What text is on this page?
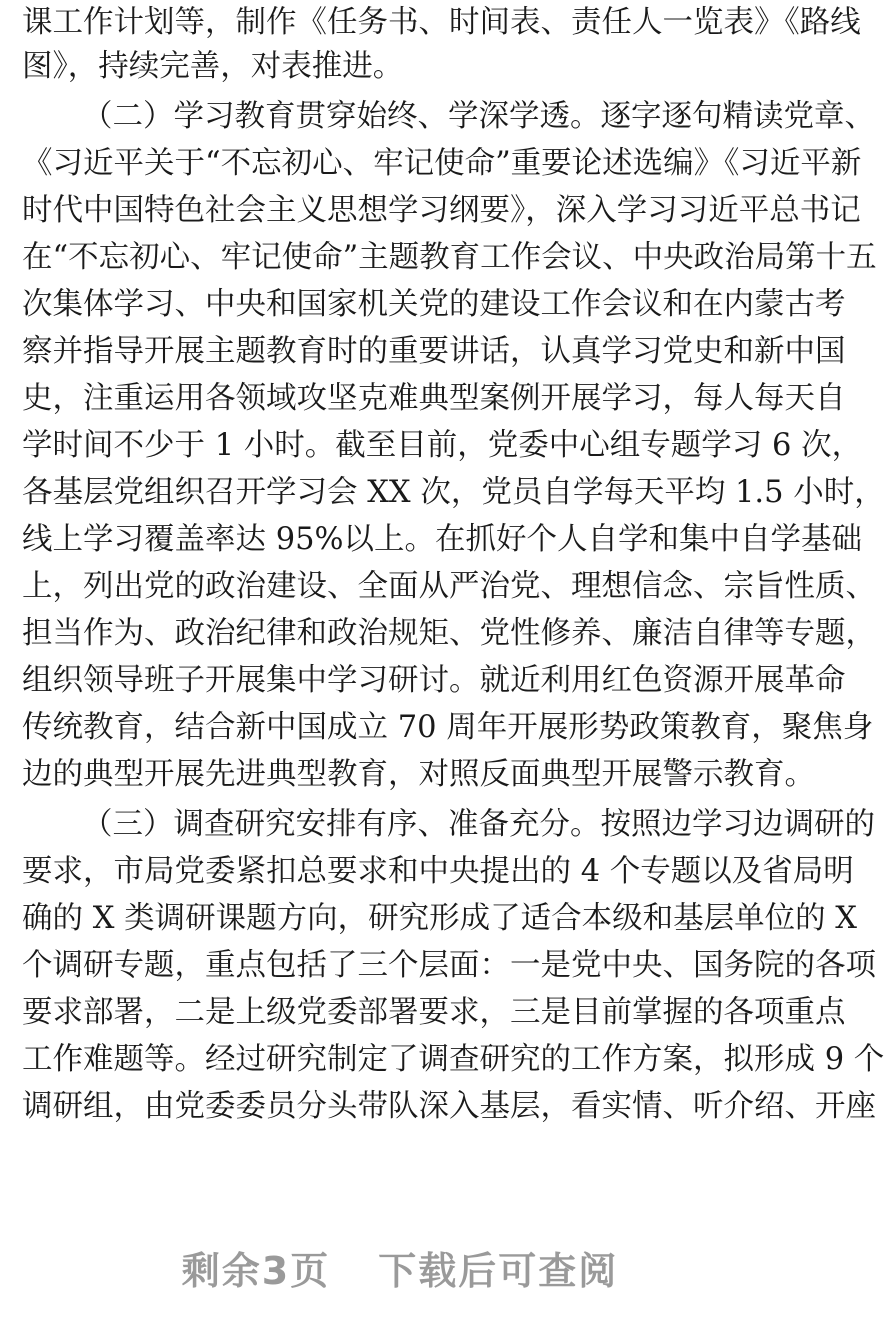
课工作计划等，制作《任务书、时间表、责任人一览表》《路线
图》，持续完善，对表推进。
（二）学习教育贯穿始终、学深学透。逐字逐句精读党章、
《习近平关于“不忘初心、牢记使命”重要论述选编》《习近平新
时代中国特色社会主义思想学习纲要》，深入学习习近平总书记
在“不忘初心、牢记使命”主题教育工作会议、中央政治局第十五
次集体学习、中央和国家机关党的建设工作会议和在内蒙古考
察并指导开展主题教育时的重要讲话，认真学习党史和新中国
史，注重运用各领域攻坚克难典型案例开展学习，每人每天自
学时间不少于 1 小时。截至目前，党委中心组专题学习 6 次，
各基层党组织召开学习会 XX 次，党员自学每天平均 1.5 小时，
线上学习覆盖率达 95%以上。在抓好个人自学和集中自学基础
上，列出党的政治建设、全面从严治党、理想信念、宗旨性质、
担当作为、政治纪律和政治规矩、党性修养、廉洁自律等专题，
组织领导班子开展集中学习研讨。就近利用红色资源开展革命
传统教育，结合新中国成立 70 周年开展形势政策教育，聚焦身
边的典型开展先进典型教育，对照反面典型开展警示教育。
（三）调查研究安排有序、准备充分。按照边学习边调研的
要求，市局党委紧扣总要求和中央提出的 4 个专题以及省局明
确的 X 类调研课题方向，研究形成了适合本级和基层单位的 X
个调研专题，重点包括了三个层面：一是党中央、国务院的各项
要求部署，二是上级党委部署要求，三是目前掌握的各项重点
工作难题等。经过研究制定了调查研究的工作方案，拟形成 9 个
调研组，由党委委员分头带队深入基层，看实情、听介绍、开座
剩余3页 下载后可查阅
